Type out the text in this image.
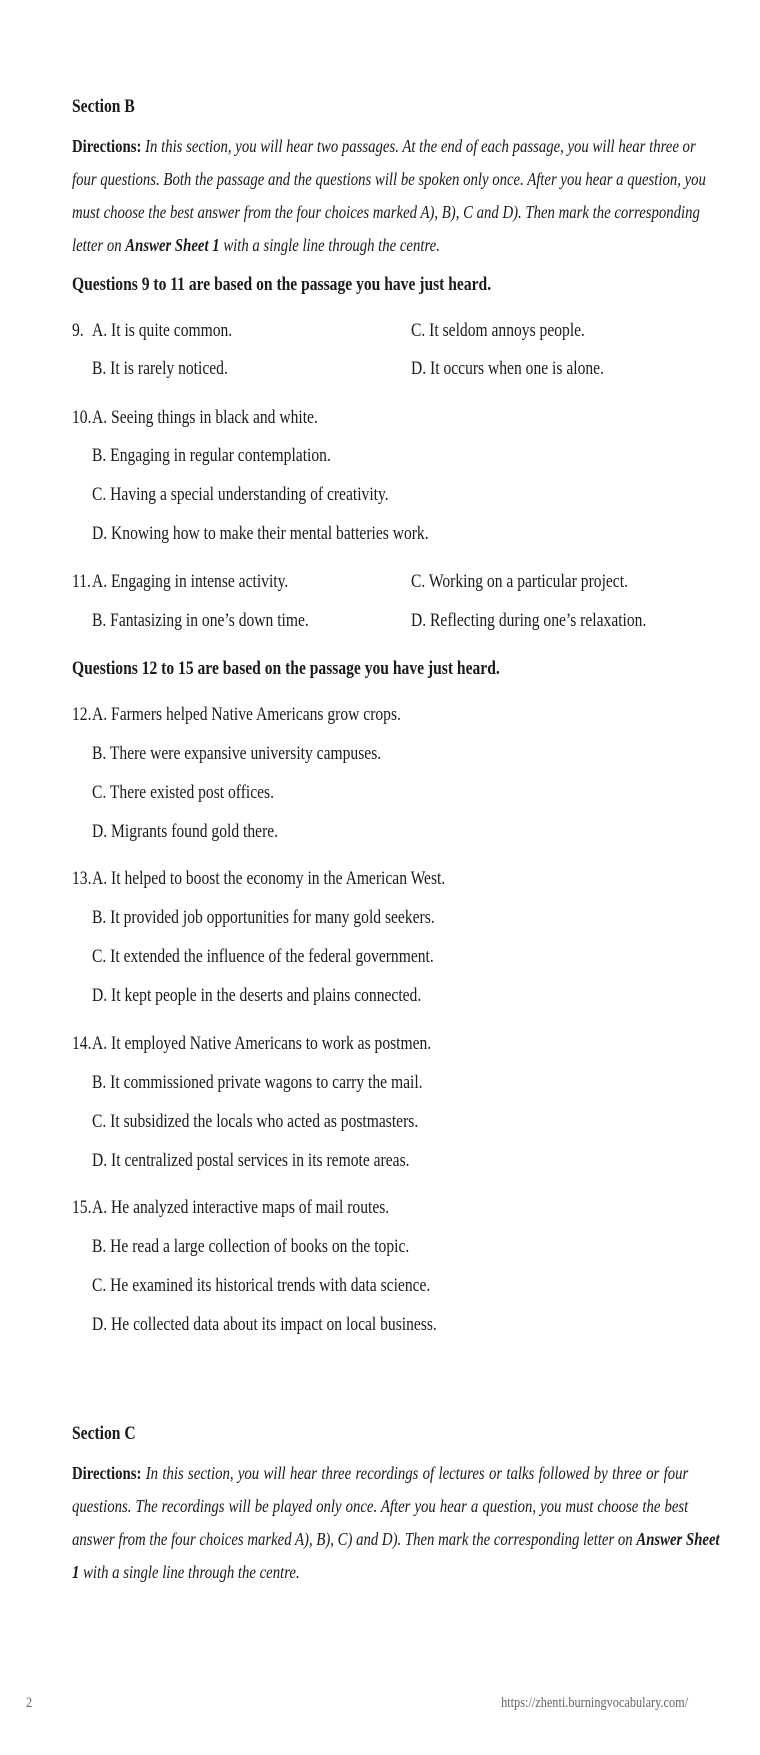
Section B
Directions: In this section, you will hear two passages. At the end of each passage, you will hear three or
four questions. Both the passage and the questions will be spoken only once. After you hear a question, you
must choose the best answer from the four choices marked A), B), C and D). Then mark the corresponding
letter on Answer Sheet 1 with a single line through the centre.
Questions 9 to 11 are based on the passage you have just heard.
9. A. It is quite common.	C. It seldom annoys people.
B. It is rarely noticed.	D. It occurs when one is alone.
10. A. Seeing things in black and white.
B. Engaging in regular contemplation.
C. Having a special understanding of creativity.
D. Knowing how to make their mental batteries work.
11. A. Engaging in intense activity.	C. Working on a particular project.
B. Fantasizing in one’s down time.	D. Reflecting during one’s relaxation.
Questions 12 to 15 are based on the passage you have just heard.
12. A. Farmers helped Native Americans grow crops.
B. There were expansive university campuses.
C. There existed post offices.
D. Migrants found gold there.
13. A. It helped to boost the economy in the American West.
B. It provided job opportunities for many gold seekers.
C. It extended the influence of the federal government.
D. It kept people in the deserts and plains connected.
14. A. It employed Native Americans to work as postmen.
B. It commissioned private wagons to carry the mail.
C. It subsidized the locals who acted as postmasters.
D. It centralized postal services in its remote areas.
15. A. He analyzed interactive maps of mail routes.
B. He read a large collection of books on the topic.
C. He examined its historical trends with data science.
D. He collected data about its impact on local business.
Section C
Directions: In this section, you will hear three recordings of lectures or talks followed by three or four
questions. The recordings will be played only once. After you hear a question, you must choose the best
answer from the four choices marked A), B), C) and D). Then mark the corresponding letter on Answer Sheet
1 with a single line through the centre.
2	https://zhenti.burningvocabulary.com/
